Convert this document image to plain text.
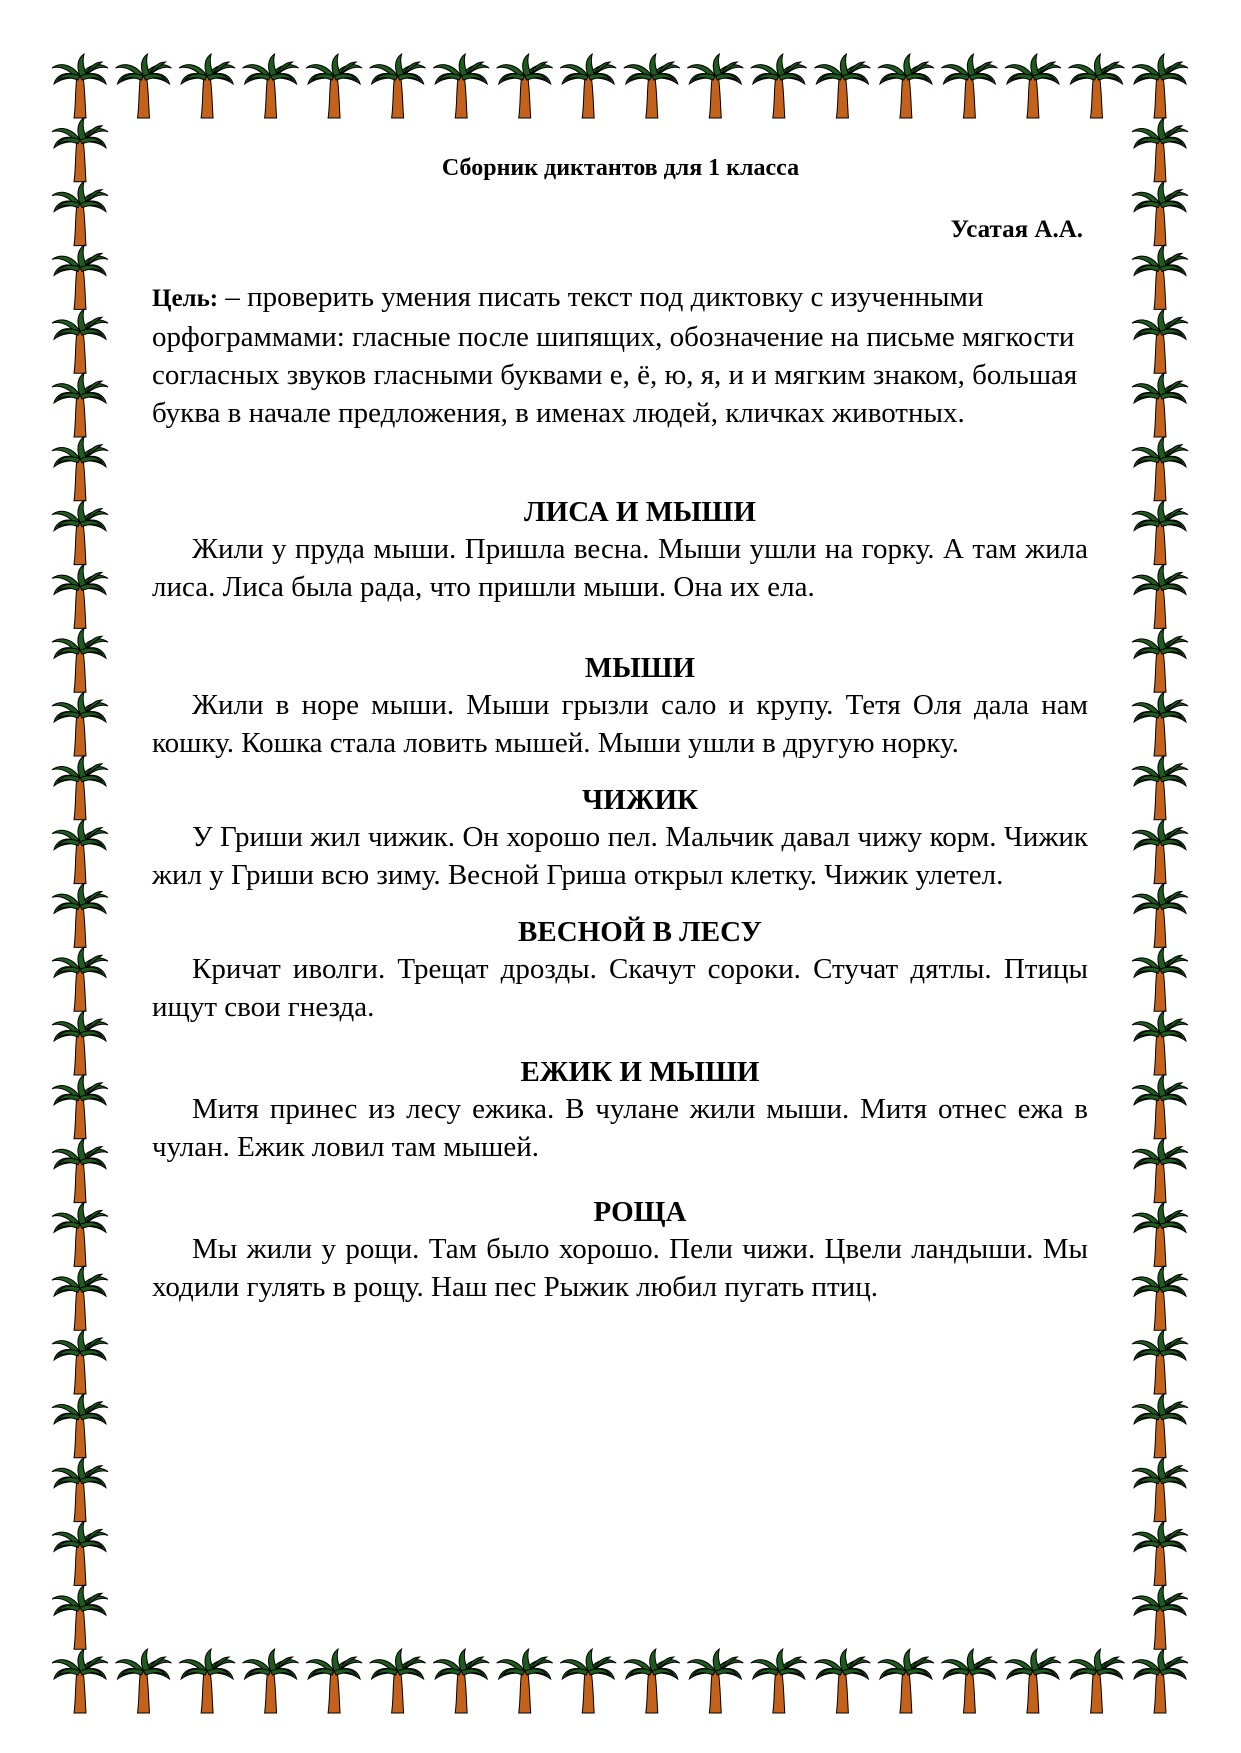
Сборник диктантов для 1 класса
Усатая А.А.

Цель: – проверить умения писать текст под диктовку с изученными орфограммами: гласные после шипящих, обозначение на письме мягкости согласных звуков гласными буквами е, ё, ю, я, и и мягким знаком, большая буква в начале предложения, в именах людей, кличках животных.

ЛИСА И МЫШИ

Жили у пруда мыши. Пришла весна. Мыши ушли на горку. А там жила лиса. Лиса была рада, что пришли мыши. Она их ела.

МЫШИ

Жили в норе мыши. Мыши грызли сало и крупу. Тетя Оля дала нам кошку. Кошка стала ловить мышей. Мыши ушли в другую норку.

ЧИЖИК

У Гриши жил чижик. Он хорошо пел. Мальчик давал чижу корм. Чижик жил у Гриши всю зиму. Весной Гриша открыл клетку. Чижик улетел.

ВЕСНОЙ В ЛЕСУ

Кричат иволги. Трещат дрозды. Скачут сороки. Стучат дятлы. Птицы ищут свои гнезда.

ЕЖИК И МЫШИ

Митя принес из лесу ежика. В чулане жили мыши. Митя отнес ежа в чулан. Ежик ловил там мышей.

РОЩА

Мы жили у рощи. Там было хорошо. Пели чижи. Цвели ландыши. Мы ходили гулять в рощу. Наш пес Рыжик любил пугать птиц.
